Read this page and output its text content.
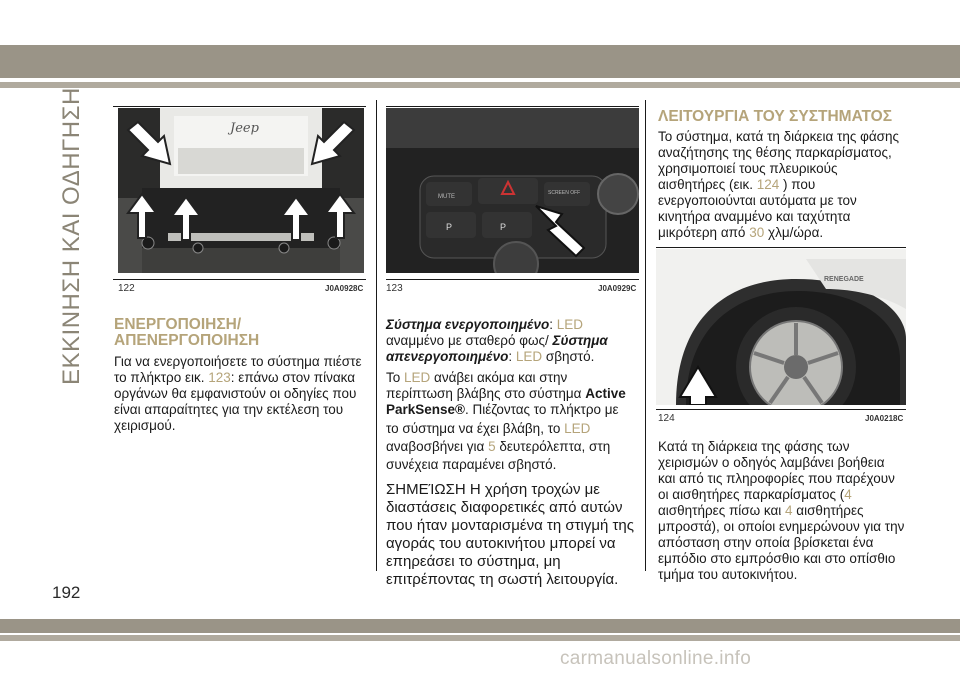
ΕΚΚΙΝΗΣΗ ΚΑΙ ΟΔΗΓΗΣΗ	Jeep
122	J0A0928C

ΕΝΕΡΓΟΠΟΙΗΣΗ/

ΑΠΕΝΕΡΓΟΠΟΙΗΣΗ

Για να ενεργοποιήσετε το σύστημα πιέστε

το πλήκτρο εικ. 123: επάνω στον πίνακα

οργάνων θα εμφανιστούν οι οδηγίες που

είναι απαραίτητες για την εκτέλεση του

χειρισμού.

MUTE
SCREEN OFF
P	P
123	J0A0929C

Σύστημα ενεργοποιημένο: LED

αναμμένο με σταθερό φως/ Σύστημα

απενεργοποιημένο: LED σβηστό.

Το LED ανάβει ακόμα και στην

περίπτωση βλάβης στο σύστημα Active

ParkSense®. Πιέζοντας το πλήκτρο με

το σύστημα να έχει βλάβη, το LED

αναβοσβήνει για 5 δευτερόλεπτα, στη

συνέχεια παραμένει σβηστό.

ΣΗΜΕΊΩΣΗ Η χρήση τροχών με

διαστάσεις διαφορετικές από αυτών

που ήταν μονταρισμένα τη στιγμή της

αγοράς του αυτοκινήτου μπορεί να

επηρεάσει το σύστημα, μη

επιτρέποντας τη σωστή λειτουργία.

ΛΕΙΤΟΥΡΓΙΑ ΤΟΥ ΣΥΣΤΗΜΑΤΟΣ

Το σύστημα, κατά τη διάρκεια της φάσης

αναζήτησης της θέσης παρκαρίσματος,

χρησιμοποιεί τους πλευρικούς

αισθητήρες (εικ. 124 ) που

ενεργοποιούνται αυτόματα με τον

κινητήρα αναμμένο και ταχύτητα

μικρότερη από 30 χλμ/ώρα.

RENEGADE
124	J0A0218C

Κατά τη διάρκεια της φάσης των

χειρισμών ο οδηγός λαμβάνει βοήθεια

και από τις πληροφορίες που παρέχουν

οι αισθητήρες παρκαρίσματος (4

αισθητήρες πίσω και 4 αισθητήρες

μπροστά), οι οποίοι ενημερώνουν για την

απόσταση στην οποία βρίσκεται ένα

εμπόδιο στο εμπρόσθιο και στο οπίσθιο

τμήμα του αυτοκινήτου.

192
carmanualsonline.info
